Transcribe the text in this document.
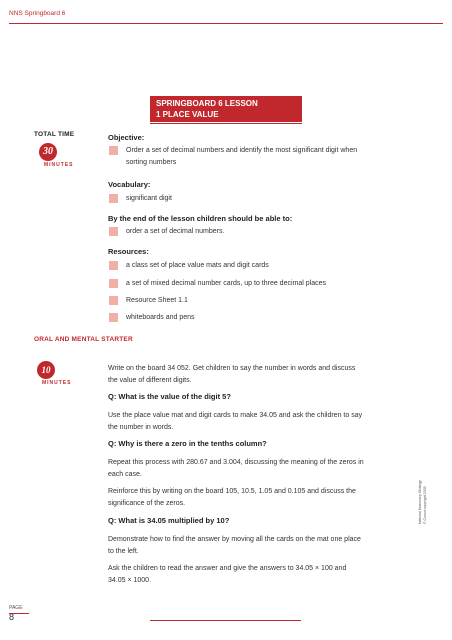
NNS Springboard 6
SPRINGBOARD 6 LESSON
1 PLACE VALUE
TOTAL TIME
30
MINUTES
Objective:
Order a set of decimal numbers and identify the most significant digit when
sorting numbers
Vocabulary:
significant digit
By the end of the lesson children should be able to:
order a set of decimal numbers.
Resources:
a class set of place value mats and digit cards
a set of mixed decimal number cards, up to three decimal places
Resource Sheet 1.1
whiteboards and pens
ORAL AND MENTAL STARTER
10
MINUTES
Write on the board 34 052. Get children to say the number in words and discuss
the value of different digits.
Q: What is the value of the digit 5?
Use the place value mat and digit cards to make 34.05 and ask the children to say
the number in words.
Q: Why is there a zero in the tenths column?
Repeat this process with 280.67 and 3.004, discussing the meaning of the zeros in
each case.
Reinforce this by writing on the board 105, 10.5, 1.05 and 0.105 and discuss the
significance of the zeros.
Q: What is 34.05 multiplied by 10?
Demonstrate how to find the answer by moving all the cards on the mat one place
to the left.
Ask the children to read the answer and give the answers to 34.05 × 100 and
34.05 × 1000.
National Numeracy Strategy © Crown copyright 2005
PAGE
8
